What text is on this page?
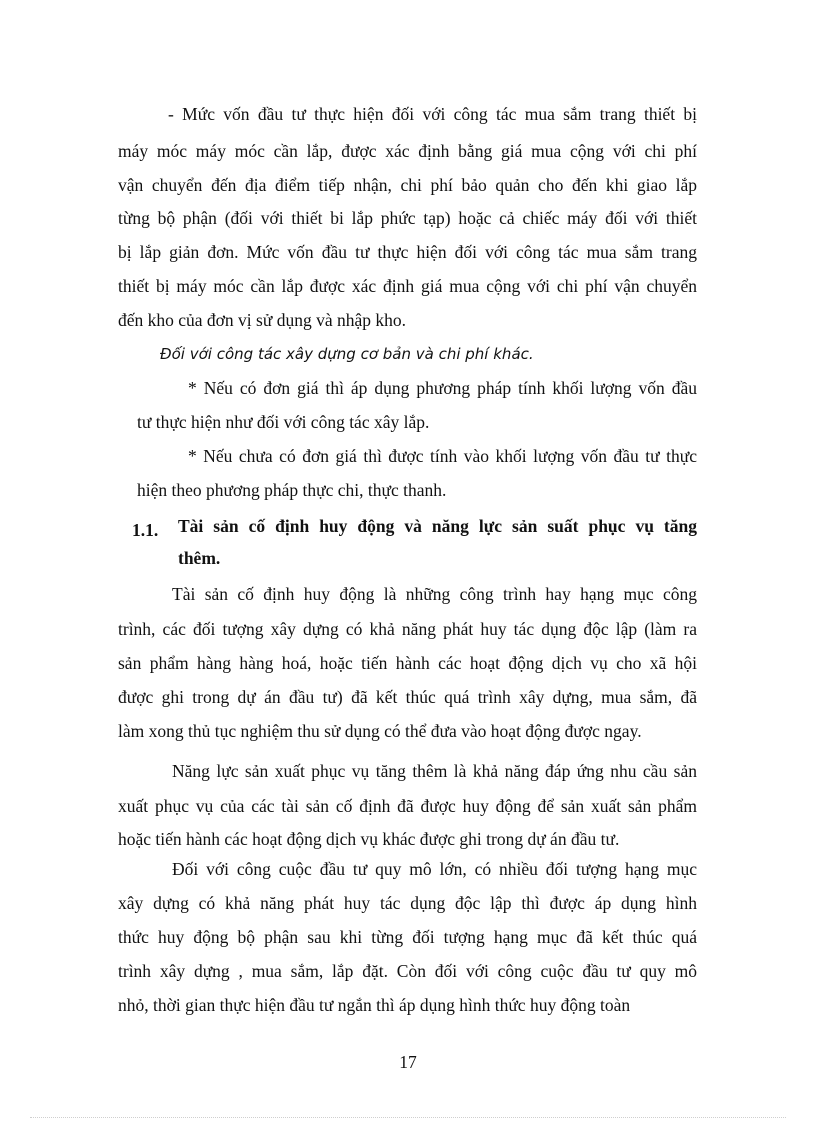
- Mức vốn đầu tư thực hiện đối với công tác mua sắm trang thiết bị
máy móc máy móc cần lắp, được xác định bằng giá mua cộng với chi phí
vận chuyển đến địa điểm tiếp nhận, chi phí bảo quản cho đến khi giao lắp
từng bộ phận (đối với thiết bi lắp phức tạp) hoặc cả chiếc máy đối với thiết
bị lắp giản đơn. Mức vốn đầu tư thực hiện đối với công tác mua sắm trang
thiết bị máy móc cần lắp được xác định giá mua cộng với chi phí vận chuyển
đến kho của đơn vị sử dụng và nhập kho.
Đối với công tác xây dựng cơ bản và chi phí khác.
* Nếu có đơn giá thì áp dụng phương pháp tính khối lượng vốn đầu
tư thực hiện như đối với công tác xây lắp.
* Nếu chưa có đơn giá thì được tính vào khối lượng vốn đầu tư thực
hiện theo phương pháp thực chi, thực thanh.
1.1. Tài sản cố định huy động và năng lực sản suất phục vụ tăng
thêm.
Tài sản cố định huy động là những công trình hay hạng mục công
trình, các đối tượng xây dựng có khả năng phát huy tác dụng độc lập (làm ra
sản phẩm hàng hàng hoá, hoặc tiến hành các hoạt động dịch vụ cho xã hội
được ghi trong dự án đầu tư) đã kết thúc quá trình xây dựng, mua sắm, đã
làm xong thủ tục nghiệm thu sử dụng có thể đưa vào hoạt động được ngay.
Năng lực sản xuất phục vụ tăng thêm là khả năng đáp ứng nhu cầu sản
xuất phục vụ của các tài sản cố định đã được huy động để sản xuất sản phẩm
hoặc tiến hành các hoạt động dịch vụ khác được ghi trong dự án đầu tư.
Đối với công cuộc đầu tư quy mô lớn, có nhiều đối tượng hạng mục
xây dựng có khả năng phát huy tác dụng độc lập thì được áp dụng hình
thức huy động bộ phận sau khi từng đối tượng hạng mục đã kết thúc quá
trình xây dựng , mua sắm, lắp đặt. Còn đối với công cuộc đầu tư quy mô
nhỏ, thời gian thực hiện đầu tư ngắn thì áp dụng hình thức huy động toàn
17
